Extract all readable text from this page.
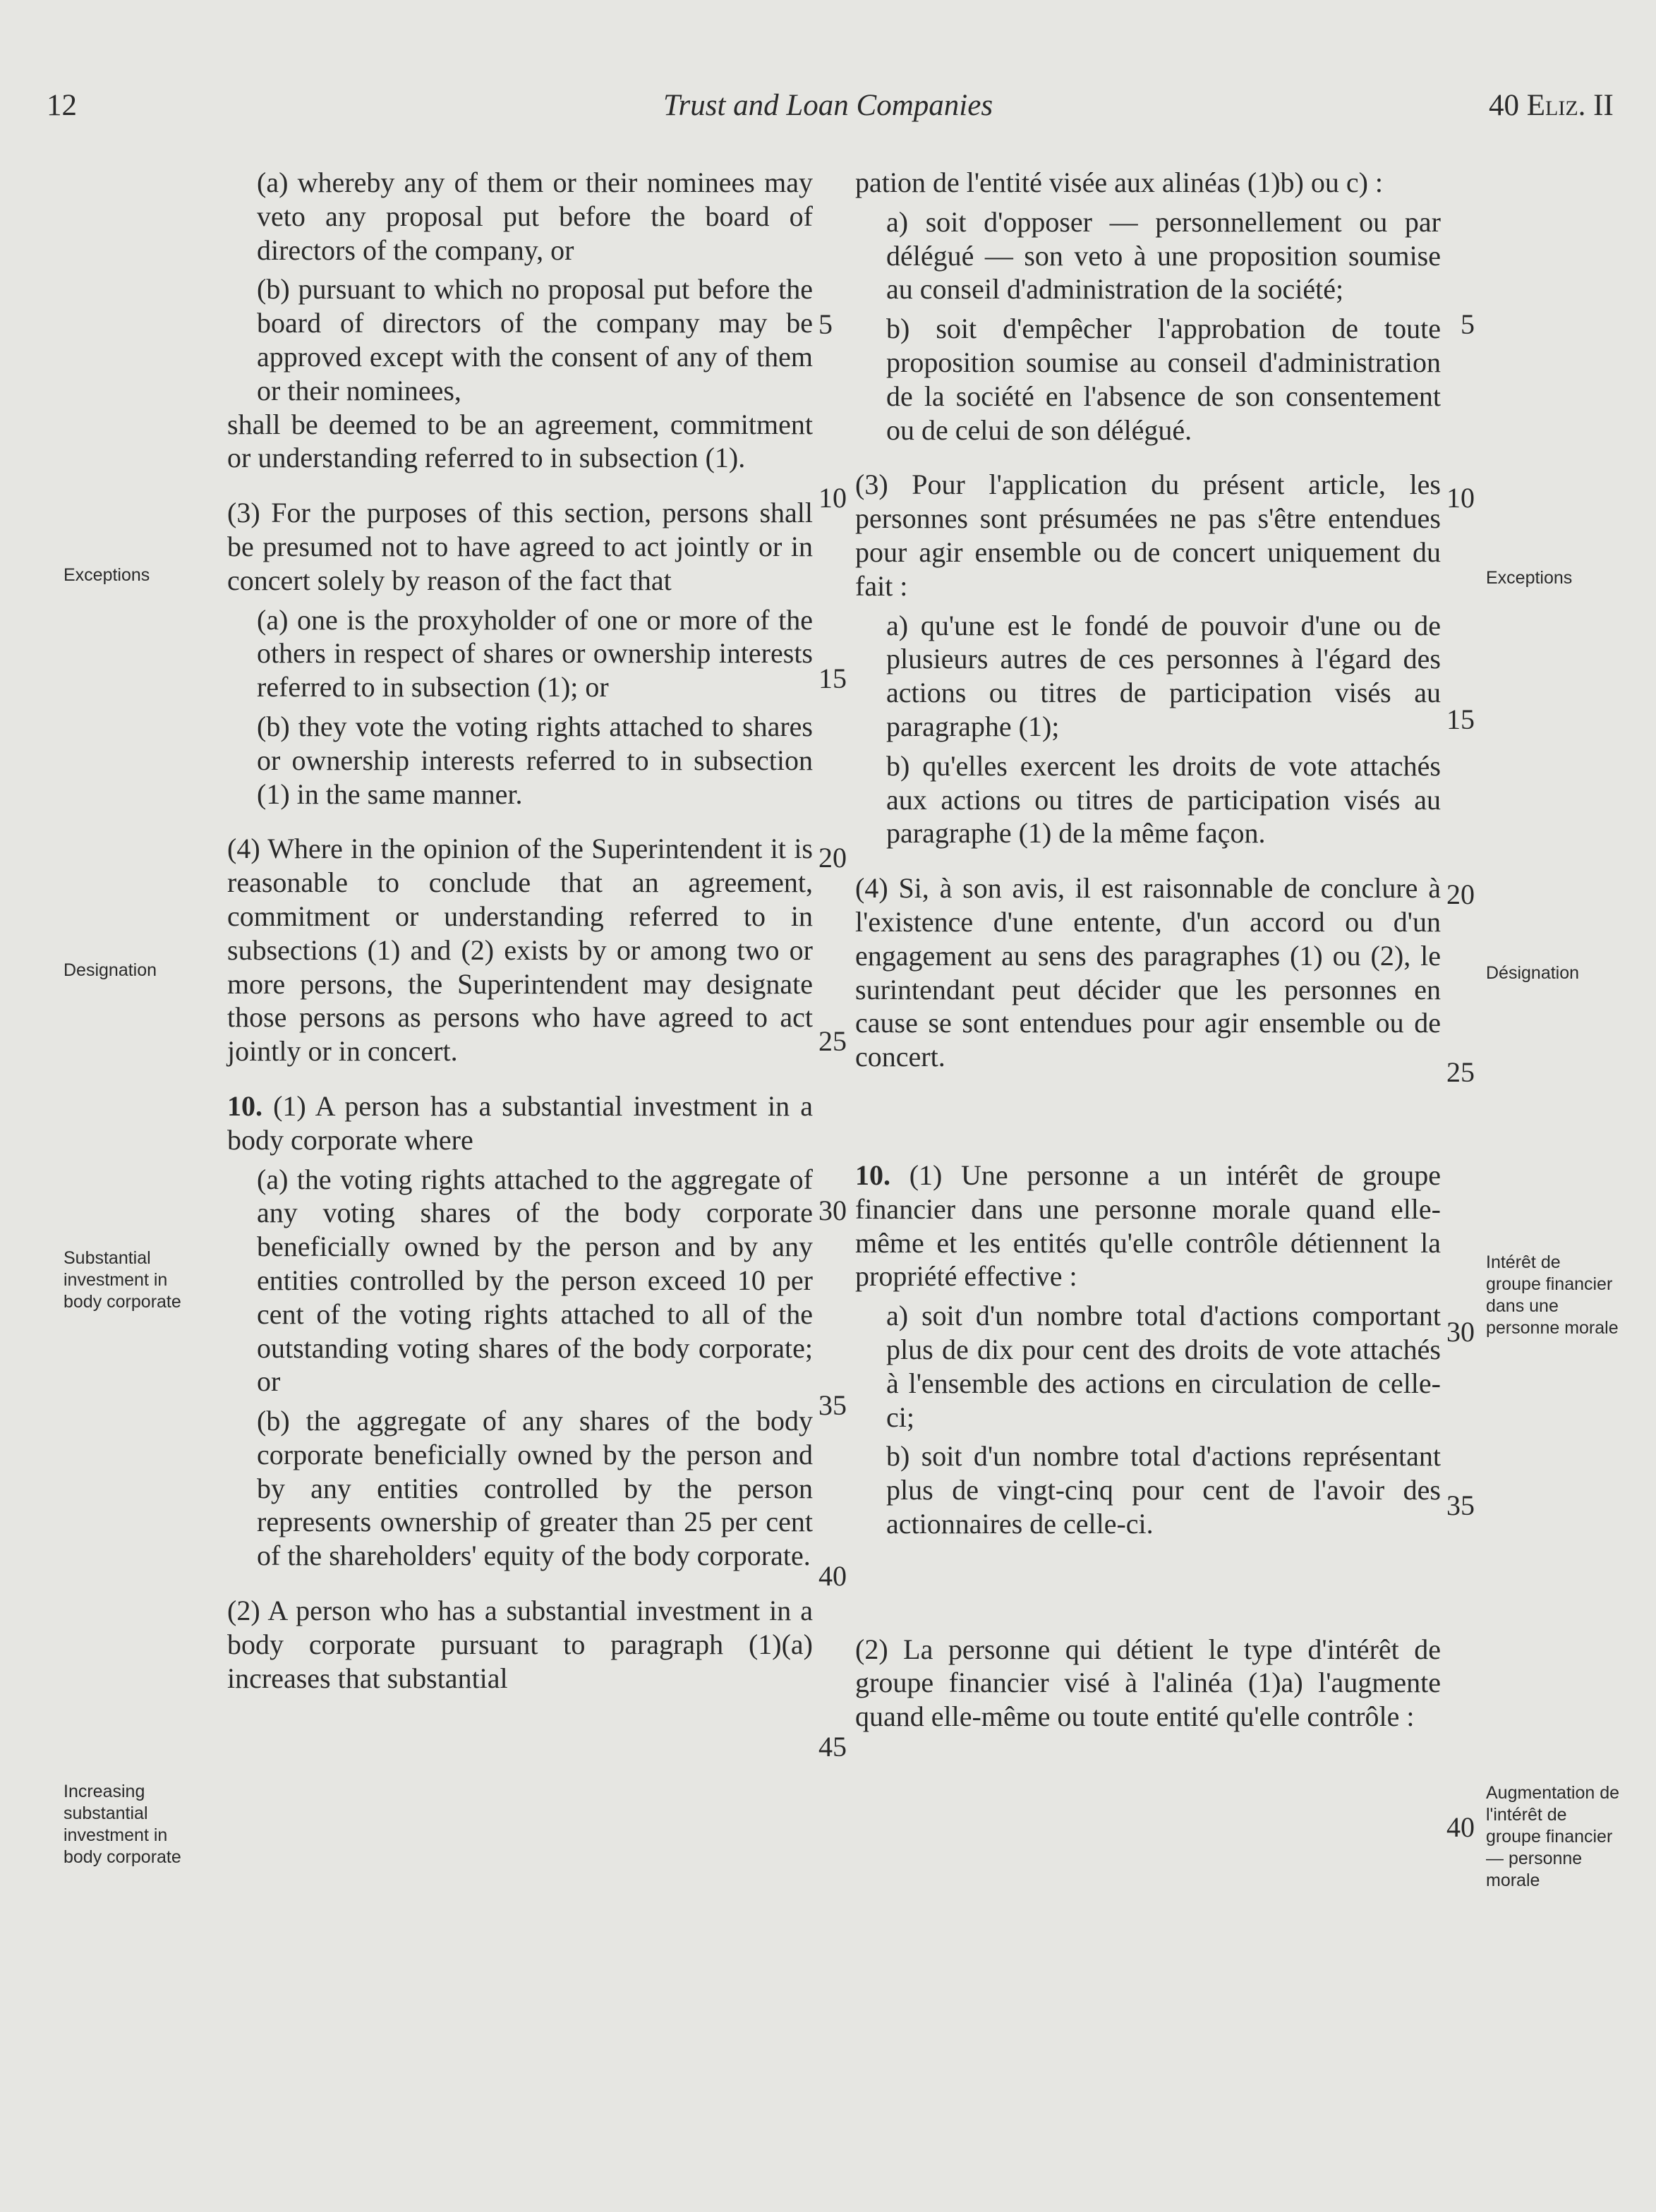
12	Trust and Loan Companies	40 Eliz. II

(a) whereby any of them or their nominees may veto any proposal put before the board of directors of the company, or

(b) pursuant to which no proposal put before the board of directors of the company may be approved except with the consent of any of them or their nominees,

shall be deemed to be an agreement, commitment or understanding referred to in subsection (1).

(3) For the purposes of this section, persons shall be presumed not to have agreed to act jointly or in concert solely by reason of the fact that

(a) one is the proxyholder of one or more of the others in respect of shares or ownership interests referred to in subsection (1); or

(b) they vote the voting rights attached to shares or ownership interests referred to in subsection (1) in the same manner.

(4) Where in the opinion of the Superintendent it is reasonable to conclude that an agreement, commitment or understanding referred to in subsections (1) and (2) exists by or among two or more persons, the Superintendent may designate those persons as persons who have agreed to act jointly or in concert.

10. (1) A person has a substantial investment in a body corporate where

(a) the voting rights attached to the aggregate of any voting shares of the body corporate beneficially owned by the person and by any entities controlled by the person exceed 10 per cent of the voting rights attached to all of the outstanding voting shares of the body corporate; or

(b) the aggregate of any shares of the body corporate beneficially owned by the person and by any entities controlled by the person represents ownership of greater than 25 per cent of the shareholders' equity of the body corporate.

(2) A person who has a substantial investment in a body corporate pursuant to paragraph (1)(a) increases that substantial

pation de l'entité visée aux alinéas (1)b) ou c) :

a) soit d'opposer — personnellement ou par délégué — son veto à une proposition soumise au conseil d'administration de la société;

b) soit d'empêcher l'approbation de toute proposition soumise au conseil d'administration de la société en l'absence de son consentement ou de celui de son délégué.

(3) Pour l'application du présent article, les personnes sont présumées ne pas s'être entendues pour agir ensemble ou de concert uniquement du fait :

a) qu'une est le fondé de pouvoir d'une ou de plusieurs autres de ces personnes à l'égard des actions ou titres de participation visés au paragraphe (1);

b) qu'elles exercent les droits de vote attachés aux actions ou titres de participation visés au paragraphe (1) de la même façon.

(4) Si, à son avis, il est raisonnable de conclure à l'existence d'une entente, d'un accord ou d'un engagement au sens des paragraphes (1) ou (2), le surintendant peut décider que les personnes en cause se sont entendues pour agir ensemble ou de concert.

10. (1) Une personne a un intérêt de groupe financier dans une personne morale quand elle-même et les entités qu'elle contrôle détiennent la propriété effective :

a) soit d'un nombre total d'actions comportant plus de dix pour cent des droits de vote attachés à l'ensemble des actions en circulation de celle-ci;

b) soit d'un nombre total d'actions représentant plus de vingt-cinq pour cent de l'avoir des actionnaires de celle-ci.

(2) La personne qui détient le type d'intérêt de groupe financier visé à l'alinéa (1)a) l'augmente quand elle-même ou toute entité qu'elle contrôle :

5
10
15
20
25
30
35
40
45
5
10
15
20
25
30
35
40
Exceptions
Designation
Substantial investment in body corporate
Increasing substantial investment in body corporate
Exceptions
Désignation
Intérêt de groupe financier dans une personne morale
Augmentation de l'intérêt de groupe financier — personne morale
